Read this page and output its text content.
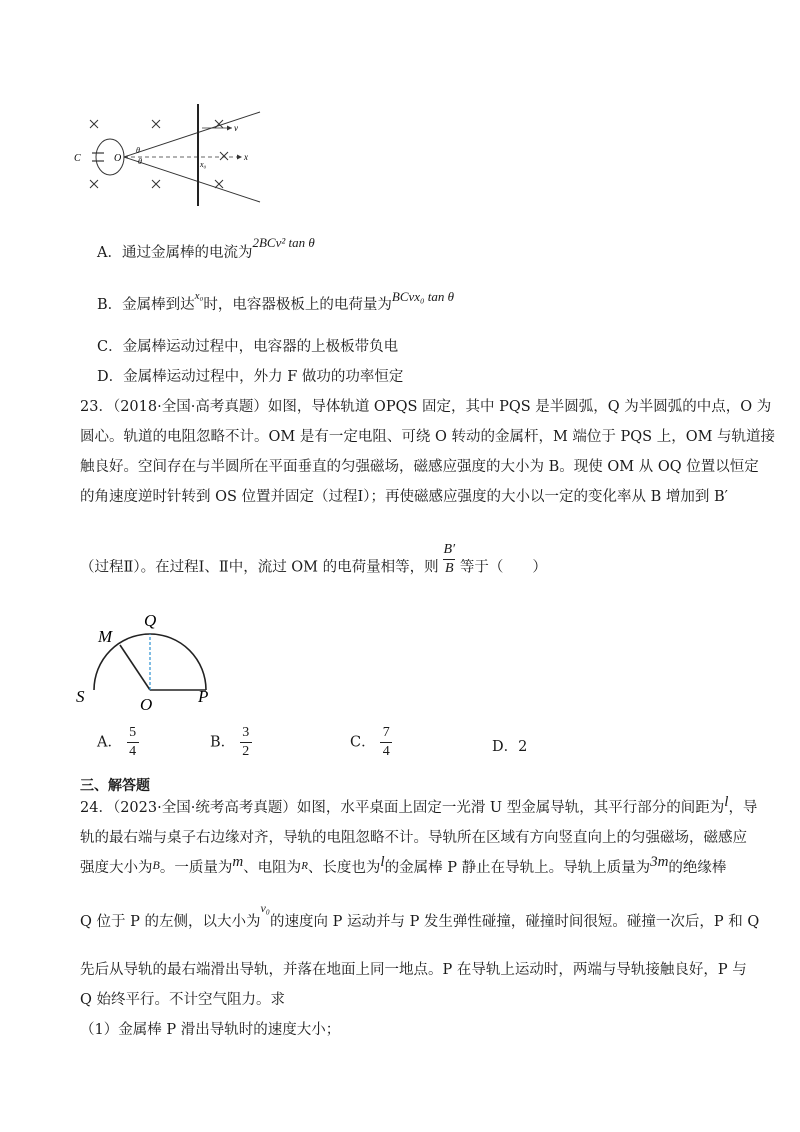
C	O
θ
θ
v
x
x₀
A．通过金属棒的电流为2BCv² tan θ
B．金属棒到达$^{x_0}$时，电容器极板上的电荷量为BCvx₀ tan θ
C．金属棒运动过程中，电容器的上极板带负电
D．金属棒运动过程中，外力 F 做功的功率恒定
23．（2018·全国·高考真题）如图，导体轨道 OPQS 固定，其中 PQS 是半圆弧，Q 为半圆弧的中点，O 为
圆心。轨道的电阻忽略不计。OM 是有一定电阻、可绕 O 转动的金属杆，M 端位于 PQS 上，OM 与轨道接
触良好。空间存在与半圆所在平面垂直的匀强磁场，磁感应强度的大小为 B。现使 OM 从 OQ 位置以恒定
的角速度逆时针转到 OS 位置并固定（过程Ⅰ）；再使磁感应强度的大小以一定的变化率从 B 增加到 B′
（过程Ⅱ）。在过程Ⅰ、Ⅱ中，流过 OM 的电荷量相等，则 $\frac{B'}{B}$ 等于（　　）
M
Q
S	O	P
A． $\frac{5}{4}$	B． $\frac{3}{2}$	C． $\frac{7}{4}$	D．2
三、解答题
24．（2023·全国·统考高考真题）如图，水平桌面上固定一光滑 U 型金属导轨，其平行部分的间距为l，导
轨的最右端与桌子右边缘对齐，导轨的电阻忽略不计。导轨所在区域有方向竖直向上的匀强磁场，磁感应
强度大小为$^B$。一质量为m、电阻为$^R$、长度也为l的金属棒 P 静止在导轨上。导轨上质量为3m的绝缘棒
Q 位于 P 的左侧，以大小为$^{v_0}$的速度向 P 运动并与 P 发生弹性碰撞，碰撞时间很短。碰撞一次后，P 和 Q
先后从导轨的最右端滑出导轨，并落在地面上同一地点。P 在导轨上运动时，两端与导轨接触良好，P 与
Q 始终平行。不计空气阻力。求
（1）金属棒 P 滑出导轨时的速度大小；
